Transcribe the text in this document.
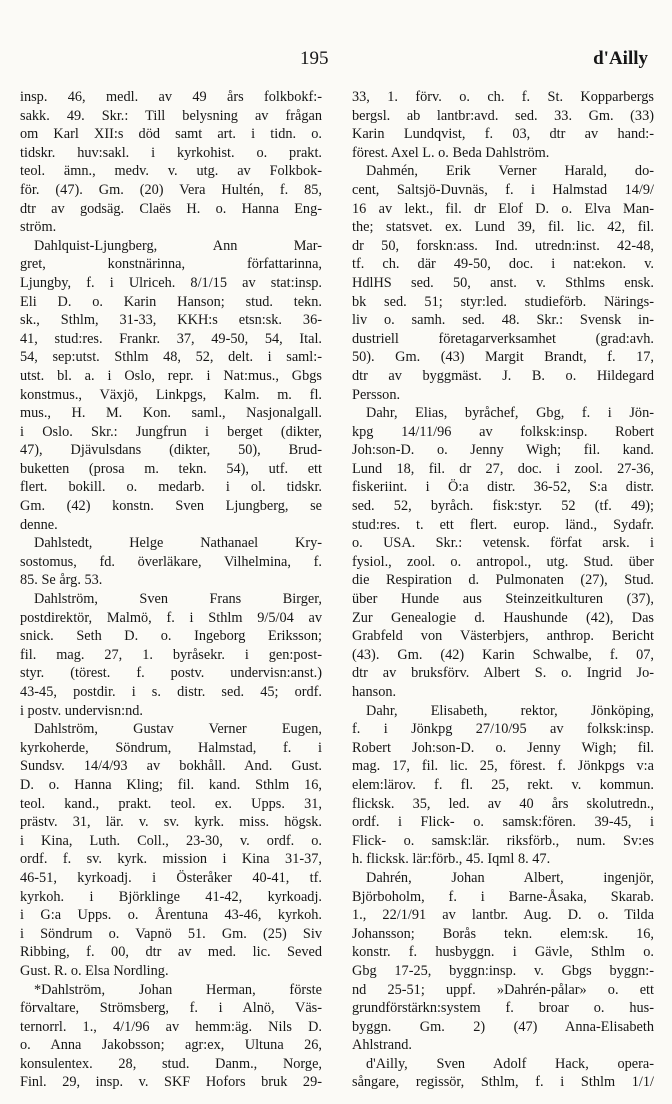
195	d'Ailly
insp. 46, medl. av 49 års folkbokf:-
sakk. 49. Skr.: Till belysning av frågan
om Karl XII:s död samt art. i tidn. o.
tidskr. huv:sakl. i kyrkohist. o. prakt.
teol. ämn., medv. v. utg. av Folkbok-
för. (47). Gm. (20) Vera Hultén, f. 85,
dtr av godsäg. Claës H. o. Hanna Eng-
ström.
Dahlquist-Ljungberg, Ann Mar-
gret, konstnärinna, författarinna,
Ljungby, f. i Ulriceh. 8/1/15 av stat:insp.
Eli D. o. Karin Hanson; stud. tekn.
sk., Sthlm, 31-33, KKH:s etsn:sk. 36-
41, stud:res. Frankr. 37, 49-50, 54, Ital.
54, sep:utst. Sthlm 48, 52, delt. i saml:-
utst. bl. a. i Oslo, repr. i Nat:mus., Gbgs
konstmus., Växjö, Linkpgs, Kalm. m. fl.
mus., H. M. Kon. saml., Nasjonalgall.
i Oslo. Skr.: Jungfrun i berget (dikter,
47), Djävulsdans (dikter, 50), Brud-
buketten (prosa m. tekn. 54), utf. ett
flert. bokill. o. medarb. i ol. tidskr.
Gm. (42) konstn. Sven Ljungberg, se
denne.
Dahlstedt, Helge Nathanael Kry-
sostomus, fd. överläkare, Vilhelmina, f.
85. Se årg. 53.
Dahlström, Sven Frans Birger,
postdirektör, Malmö, f. i Sthlm 9/5/04 av
snick. Seth D. o. Ingeborg Eriksson;
fil. mag. 27, 1. byråsekr. i gen:post-
styr. (törest. f. postv. undervisn:anst.)
43-45, postdir. i s. distr. sed. 45; ordf.
i postv. undervisn:nd.
Dahlström, Gustav Verner Eugen,
kyrkoherde, Söndrum, Halmstad, f. i
Sundsv. 14/4/93 av bokhåll. And. Gust.
D. o. Hanna Kling; fil. kand. Sthlm 16,
teol. kand., prakt. teol. ex. Upps. 31,
prästv. 31, lär. v. sv. kyrk. miss. högsk.
i Kina, Luth. Coll., 23-30, v. ordf. o.
ordf. f. sv. kyrk. mission i Kina 31-37,
46-51, kyrkoadj. i Österåker 40-41, tf.
kyrkoh. i Björklinge 41-42, kyrkoadj.
i G:a Upps. o. Årentuna 43-46, kyrkoh.
i Söndrum o. Vapnö 51. Gm. (25) Siv
Ribbing, f. 00, dtr av med. lic. Seved
Gust. R. o. Elsa Nordling.
*Dahlström, Johan Herman, förste
förvaltare, Strömsberg, f. i Alnö, Väs-
ternorrl. 1., 4/1/96 av hemm:äg. Nils D.
o. Anna Jakobsson; agr:ex, Ultuna 26,
konsulentex. 28, stud. Danm., Norge,
Finl. 29, insp. v. SKF Hofors bruk 29-
33, 1. förv. o. ch. f. St. Kopparbergs
bergsl. ab lantbr:avd. sed. 33. Gm. (33)
Karin Lundqvist, f. 03, dtr av hand:-
förest. Axel L. o. Beda Dahlström.
Dahmén, Erik Verner Harald, do-
cent, Saltsjö-Duvnäs, f. i Halmstad 14/9/
16 av lekt., fil. dr Elof D. o. Elva Man-
the; statsvet. ex. Lund 39, fil. lic. 42, fil.
dr 50, forskn:ass. Ind. utredn:inst. 42-48,
tf. ch. där 49-50, doc. i nat:ekon. v.
HdlHS sed. 50, anst. v. Sthlms ensk.
bk sed. 51; styr:led. studieförb. Närings-
liv o. samh. sed. 48. Skr.: Svensk in-
dustriell företagarverksamhet (grad:avh.
50). Gm. (43) Margit Brandt, f. 17,
dtr av byggmäst. J. B. o. Hildegard
Persson.
Dahr, Elias, byråchef, Gbg, f. i Jön-
kpg 14/11/96 av folksk:insp. Robert
Joh:son-D. o. Jenny Wigh; fil. kand.
Lund 18, fil. dr 27, doc. i zool. 27-36,
fiskeriint. i Ö:a distr. 36-52, S:a distr.
sed. 52, byråch. fisk:styr. 52 (tf. 49);
stud:res. t. ett flert. europ. länd., Sydafr.
o. USA. Skr.: vetensk. förfat arsk. i
fysiol., zool. o. antropol., utg. Stud. über
die Respiration d. Pulmonaten (27), Stud.
über Hunde aus Steinzeitkulturen (37),
Zur Genealogie d. Haushunde (42), Das
Grabfeld von Västerbjers, anthrop. Bericht
(43). Gm. (42) Karin Schwalbe, f. 07,
dtr av bruksförv. Albert S. o. Ingrid Jo-
hanson.
Dahr, Elisabeth, rektor, Jönköping,
f. i Jönkpg 27/10/95 av folksk:insp.
Robert Joh:son-D. o. Jenny Wigh; fil.
mag. 17, fil. lic. 25, förest. f. Jönkpgs v:a
elem:lärov. f. fl. 25, rekt. v. kommun.
flicksk. 35, led. av 40 års skolutredn.,
ordf. i Flick- o. samsk:fören. 39-45, i
Flick- o. samsk:lär. riksförb., num. Sv:es
h. flicksk. lär:förb., 45. Iqml 8. 47.
Dahrén, Johan Albert, ingenjör,
Björboholm, f. i Barne-Åsaka, Skarab.
1., 22/1/91 av lantbr. Aug. D. o. Tilda
Johansson; Borås tekn. elem:sk. 16,
konstr. f. husbyggn. i Gävle, Sthlm o.
Gbg 17-25, byggn:insp. v. Gbgs byggn:-
nd 25-51; uppf. »Dahrén-pålar» o. ett
grundförstärkn:system f. broar o. hus-
byggn. Gm. 2) (47) Anna-Elisabeth
Ahlstrand.
d'Ailly, Sven Adolf Hack, opera-
sångare, regissör, Sthlm, f. i Sthlm 1/1/
